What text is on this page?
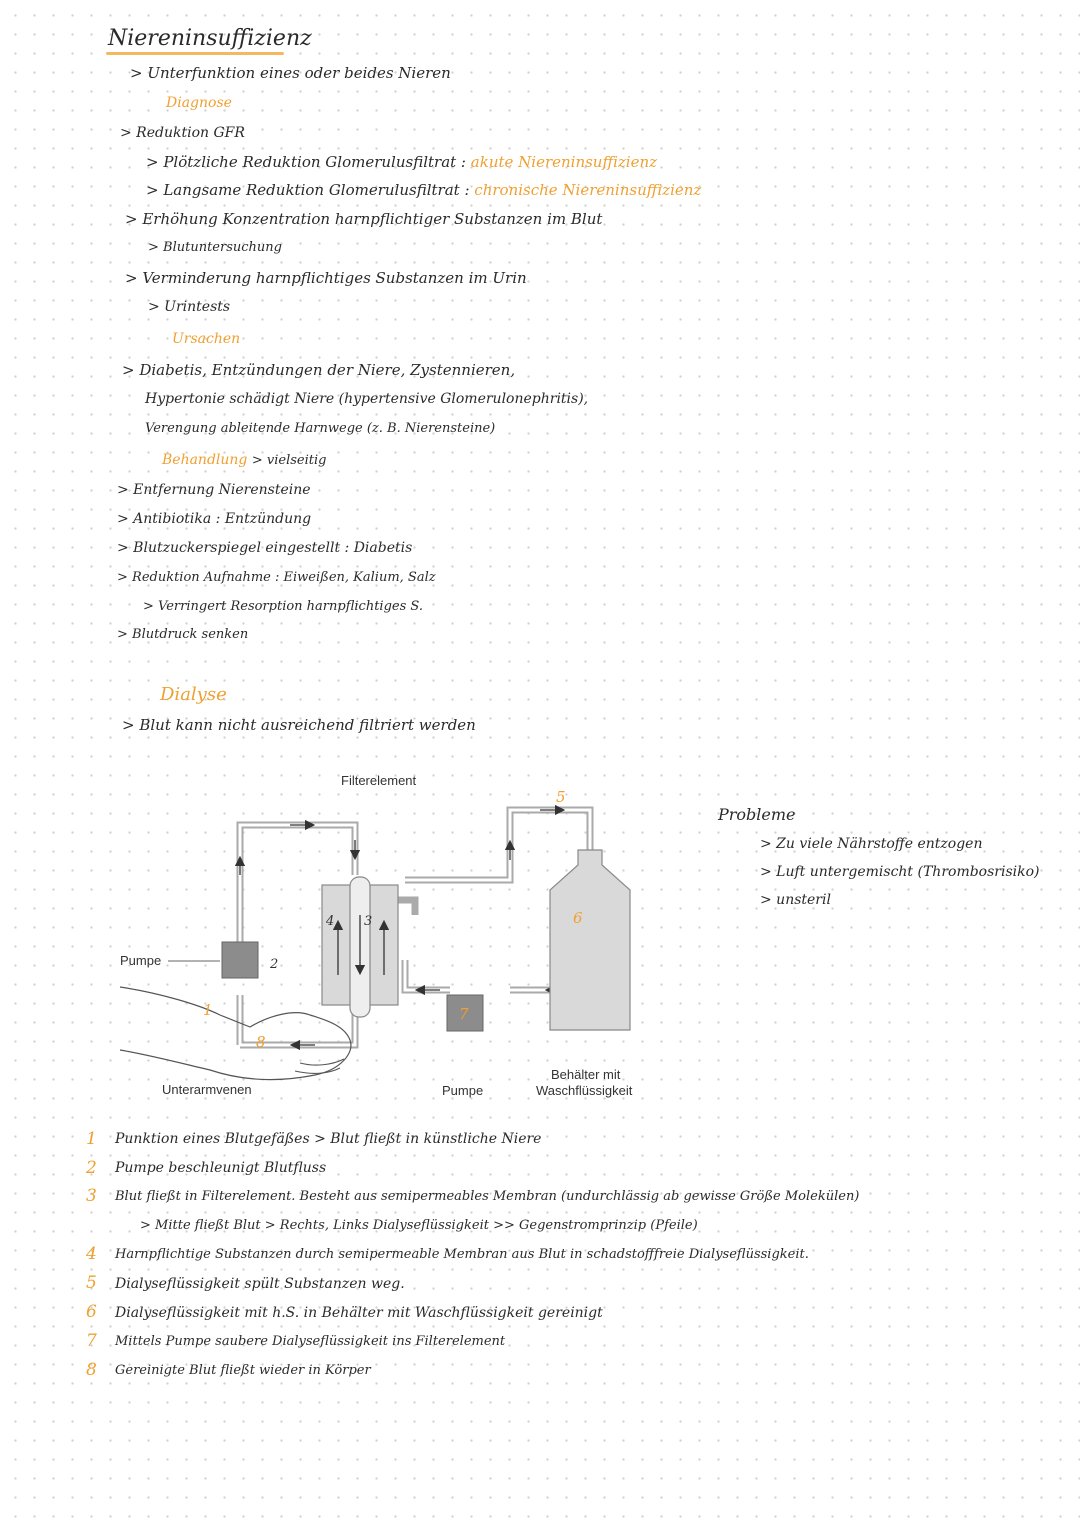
Niereninsuffizienz
> Unterfunktion eines oder beides Nieren
Diagnose
> Reduktion GFR
> Plötzliche Reduktion Glomerulusfiltrat : akute Niereninsuffizienz
> Langsame Reduktion Glomerulusfiltrat : chronische Niereninsuffizienz
> Erhöhung Konzentration harnpflichtiger Substanzen im Blut
> Blutuntersuchung
> Verminderung harnpflichtiges Substanzen im Urin
> Urintests
Ursachen
> Diabetis, Entzündungen der Niere, Zystennieren,
Hypertonie schädigt Niere (hypertensive Glomerulonephritis),
Verengung ableitende Harnwege (z. B. Nierensteine)
Behandlung > vielseitig
> Entfernung Nierensteine
> Antibiotika : Entzündung
> Blutzuckerspiegel eingestellt : Diabetis
> Reduktion Aufnahme : Eiweißen, Kalium, Salz
> Verringert Resorption harnpflichtiges S.
> Blutdruck senken
Dialyse
> Blut kann nicht ausreichend filtriert werden
Filterelement
Pumpe
Pumpe
Unterarmvenen
Behälter mit
Waschflüssigkeit
2
4 3
5
6
7
1
8
Probleme
> Zu viele Nährstoffe entzogen
> Luft untergemischt (Thrombosrisiko)
> unsteril
1 Punktion eines Blutgefäßes > Blut fließt in künstliche Niere
2 Pumpe beschleunigt Blutfluss
3 Blut fließt in Filterelement. Besteht aus semipermeables Membran (undurchlässig ab gewisse Größe Molekülen)
> Mitte fließt Blut > Rechts, Links Dialyseflüssigkeit >> Gegenstromprinzip (Pfeile)
4 Harnpflichtige Substanzen durch semipermeable Membran aus Blut in schadstofffreie Dialyseflüssigkeit.
5 Dialyseflüssigkeit spült Substanzen weg.
6 Dialyseflüssigkeit mit h.S. in Behälter mit Waschflüssigkeit gereinigt
7 Mittels Pumpe saubere Dialyseflüssigkeit ins Filterelement
8 Gereinigte Blut fließt wieder in Körper
